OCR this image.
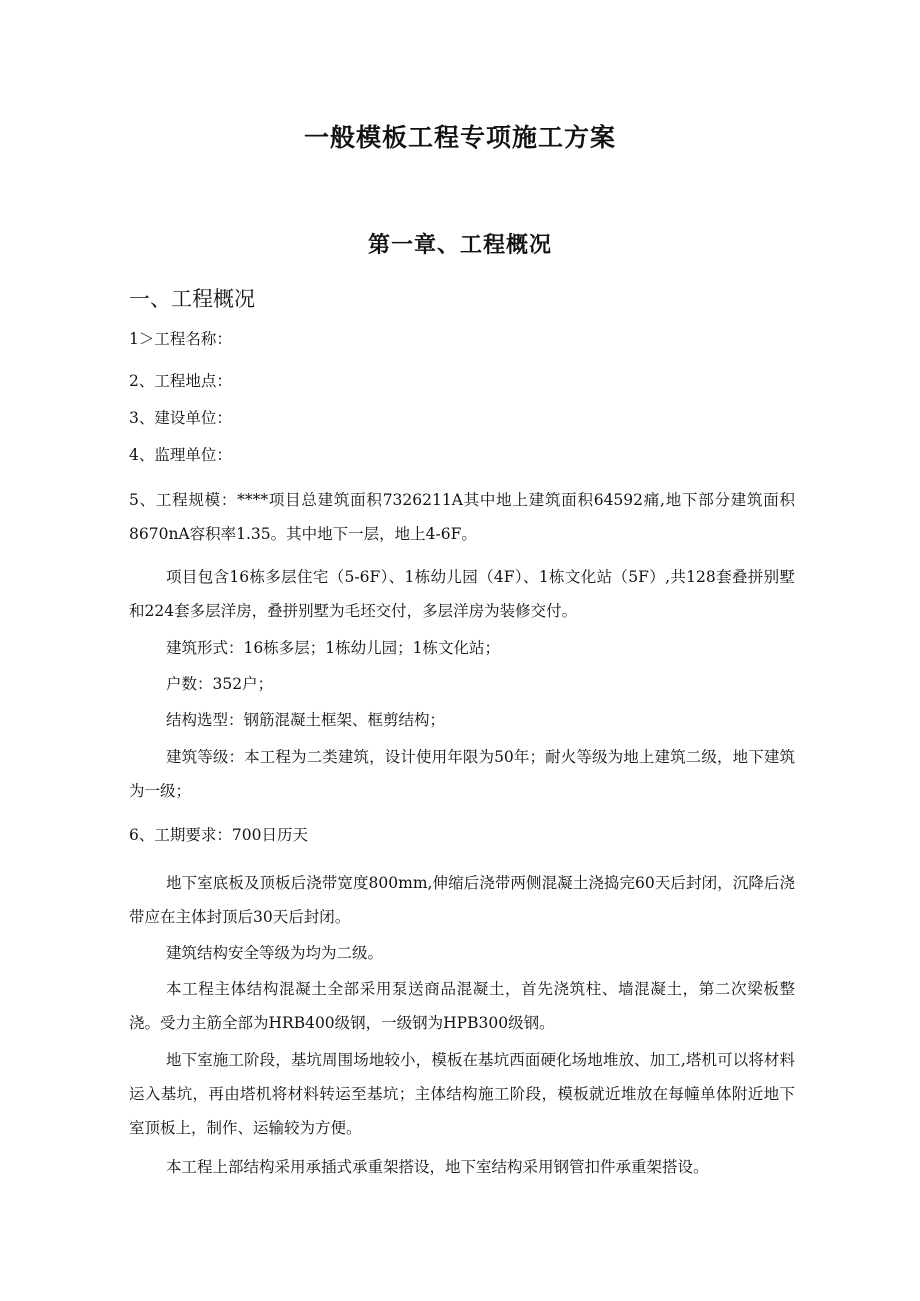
一般模板工程专项施工方案
第一章、工程概况
一、工程概况
1＞工程名称：
2、工程地点：
3、建设单位：
4、监理单位：
5、工程规模：****项目总建筑面积7326211A其中地上建筑面积64592痛,地下部分建筑面积8670nA容积率1.35。其中地下一层，地上4-6F。
项目包含16栋多层住宅（5-6F）、1栋幼儿园（4F）、1栋文化站（5F）,共128套叠拼别墅和224套多层洋房，叠拼别墅为毛坯交付，多层洋房为装修交付。
建筑形式：16栋多层；1栋幼儿园；1栋文化站；
户数：352户；
结构选型：钢筋混凝土框架、框剪结构；
建筑等级：本工程为二类建筑，设计使用年限为50年；耐火等级为地上建筑二级，地下建筑为一级；
6、工期要求：700日历天
地下室底板及顶板后浇带宽度800mm,伸缩后浇带两侧混凝土浇捣完60天后封闭，沉降后浇带应在主体封顶后30天后封闭。
建筑结构安全等级为均为二级。
本工程主体结构混凝土全部采用泵送商品混凝土，首先浇筑柱、墙混凝土，第二次梁板整浇。受力主筋全部为HRB400级钢，一级钢为HPB300级钢。
地下室施工阶段，基坑周围场地较小，模板在基坑西面硬化场地堆放、加工,塔机可以将材料运入基坑，再由塔机将材料转运至基坑；主体结构施工阶段，模板就近堆放在每幢单体附近地下室顶板上，制作、运输较为方便。
本工程上部结构采用承插式承重架搭设，地下室结构采用钢管扣件承重架搭设。
